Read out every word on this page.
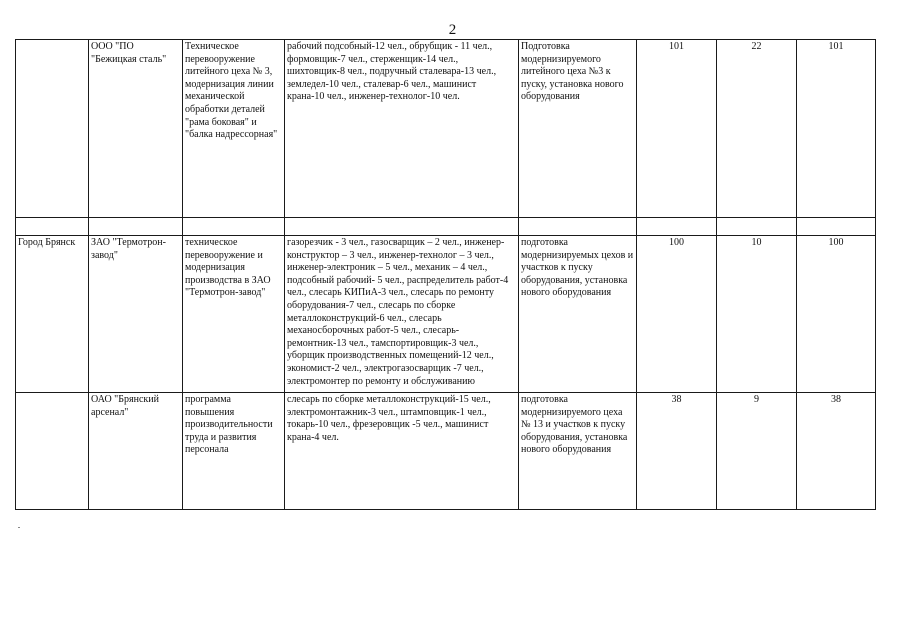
2
	ООО "ПО "Бежицкая сталь"	Техническое перевооружение литейного цеха № 3, модернизация линии механической обработки деталей "рама боковая" и "балка надрессорная"	рабочий подсобный-12 чел., обрубщик - 11 чел., формовщик-7 чел., стерженщик-14 чел., шихтовщик-8 чел., подручный сталевара-13 чел., земледел-10 чел., сталевар-6 чел., машинист крана-10 чел., инженер-технолог-10 чел.	Подготовка модернизируемого литейного цеха №3 к пуску, установка нового оборудования	101	22	101

Город Брянск	ЗАО "Термотрон-завод"	техническое перевооружение и модернизация производства в ЗАО "Термотрон-завод"	газорезчик - 3 чел., газосварщик – 2 чел., инженер-конструктор – 3 чел., инженер-технолог – 3 чел., инженер-электроник – 5 чел., механик – 4 чел., подсобный рабочий- 5 чел., распределитель работ-4 чел., слесарь КИПиА-3 чел., слесарь по ремонту оборудования-7 чел., слесарь по сборке металлоконструкций-6 чел., слесарь механосборочных работ-5 чел., слесарь-ремонтник-13 чел., тамспортировщик-3 чел., уборщик производственных помещений-12 чел., экономист-2 чел., электрогазосварщик -7 чел., электромонтер по ремонту и обслуживанию	подготовка модернизируемых цехов и участков к пуску оборудования, установка нового оборудования	100	10	100
	ОАО "Брянский арсенал"	программа повышения производительности труда и развития персонала	слесарь по сборке металлоконструкций-15 чел., электромонтажник-3 чел., штамповщик-1 чел., токарь-10 чел., фрезеровщик -5 чел., машинист крана-4 чел.	подготовка модернизируемого цеха № 13 и участков к пуску оборудования, установка нового оборудования	38	9	38
